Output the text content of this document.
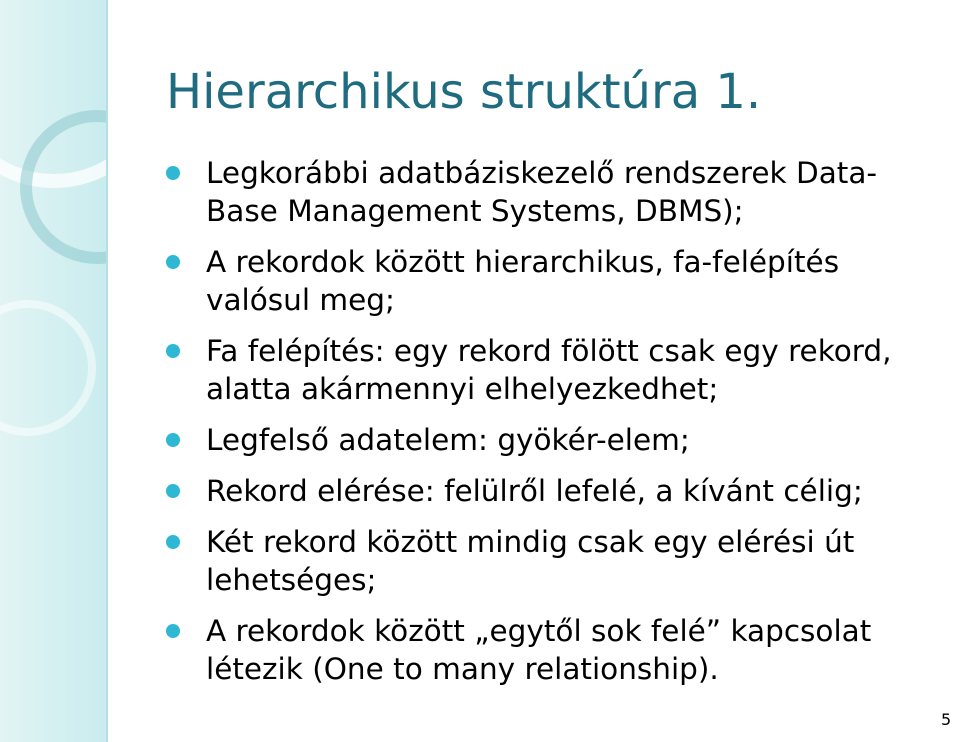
Hierarchikus struktúra 1.
Legkorábbi adatbáziskezelő rendszerek Data-
Base Management Systems, DBMS);
A rekordok között hierarchikus, fa-felépítés
valósul meg;
Fa felépítés: egy rekord fölött csak egy rekord,
alatta akármennyi elhelyezkedhet;
Legfelső adatelem: gyökér-elem;
Rekord elérése: felülről lefelé, a kívánt célig;
Két rekord között mindig csak egy elérési út
lehetséges;
A rekordok között „egytől sok felé” kapcsolat
létezik (One to many relationship).
5
